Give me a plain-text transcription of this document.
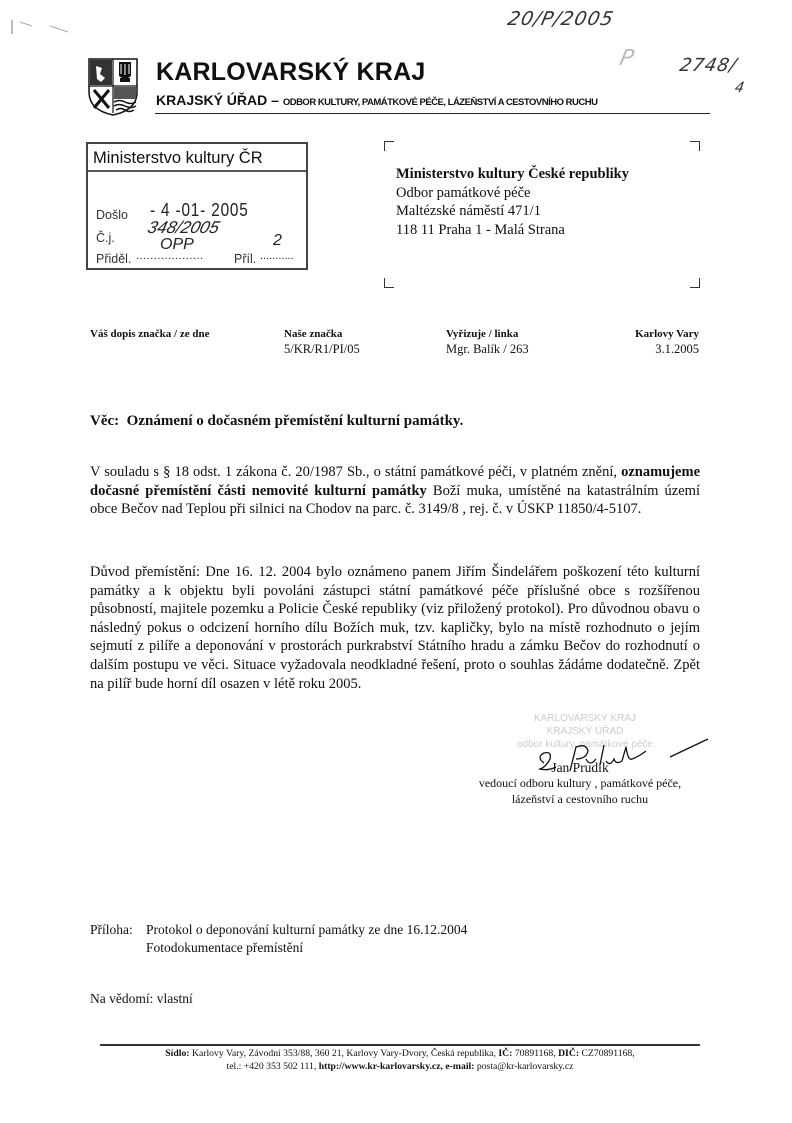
20/P/2005
P 2748/
4
KARLOVARSKÝ KRAJ
KRAJSKÝ ÚŘAD – ODBOR KULTURY, PAMÁTKOVÉ PÉČE, LÁZEŇSTVÍ A CESTOVNÍHO RUCHU
Ministerstvo kultury ČR
Došlo - 4 -01- 2005
Č.j.
348/2005
Přiděl. ...................
OPP
Příl. ...........
2
Ministerstvo kultury České republiky
Odbor památkové péče
Maltézské náměstí 471/1
118 11 Praha 1 - Malá Strana
Váš dopis značka / ze dne	Naše značka
5/KR/R1/PI/05
Vyřizuje / linka
Mgr. Balík / 263
Karlovy Vary
3.1.2005
Věc: Oznámení o dočasném přemístění kulturní památky.
V souladu s § 18 odst. 1 zákona č. 20/1987 Sb., o státní památkové péči, v platném znění, oznamujeme dočasné přemístění části nemovité kulturní památky Boží muka, umístěné na katastrálním území obce Bečov nad Teplou při silnici na Chodov na parc. č. 3149/8 , rej. č. v ÚSKP 11850/4-5107.
Důvod přemístění: Dne 16. 12. 2004 bylo oznámeno panem Jiřím Šindelářem poškození této kulturní památky a k objektu byli povoláni zástupci státní památkové péče příslušné obce s rozšířenou působností, majitele pozemku a Policie České republiky (viz přiložený protokol). Pro důvodnou obavu o následný pokus o odcizení horního dílu Božích muk, tzv. kapličky, bylo na místě rozhodnuto o jejím sejmutí z pilíře a deponování v prostorách purkrabství Státního hradu a zámku Bečov do rozhodnutí o dalším postupu ve věci. Situace vyžadovala neodkladné řešení, proto o souhlas žádáme dodatečně. Zpět na pilíř bude horní díl osazen v létě roku 2005.
KARLOVARSKÝ KRAJ
KRAJSKÝ ÚŘAD
odbor kultury, památkové péče
Jan Prudík
vedoucí odboru kultury , památkové péče,
lázeňství a cestovního ruchu
Příloha: Protokol o deponování kulturní památky ze dne 16.12.2004
Fotodokumentace přemístění
Na vědomí: vlastní
Sídlo: Karlovy Vary, Závodní 353/88, 360 21, Karlovy Vary-Dvory, Česká republika, IČ: 70891168, DIČ: CZ70891168,
tel.: +420 353 502 111, http://www.kr-karlovarsky.cz, e-mail: posta@kr-karlovarsky.cz
